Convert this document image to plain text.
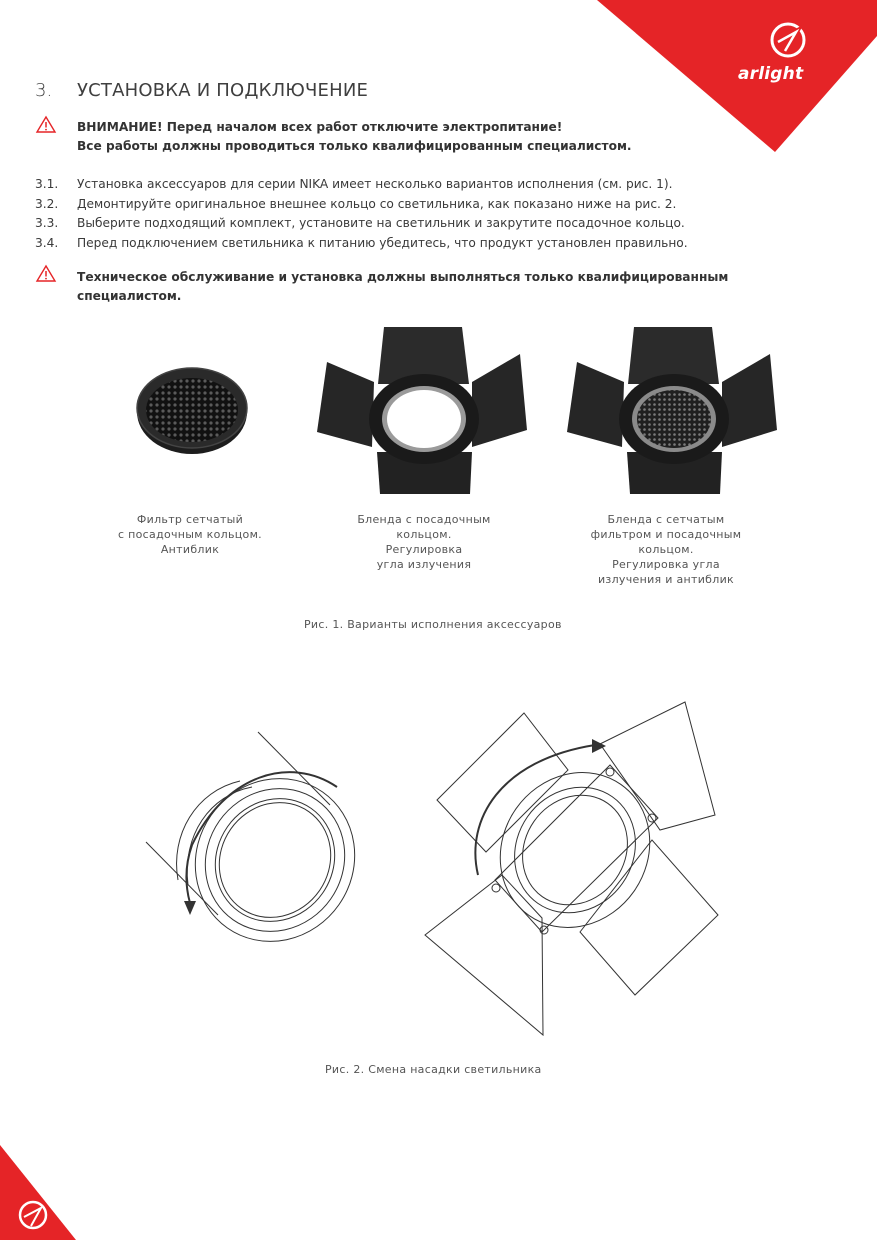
arlight
3. УСТАНОВКА И ПОДКЛЮЧЕНИЕ
ВНИМАНИЕ! Перед началом всех работ отключите электропитание!
Все работы должны проводиться только квалифицированным специалистом.
3.1.	Установка аксессуаров для серии NIKA имеет несколько вариантов исполнения (см. рис. 1).
3.2.	Демонтируйте оригинальное внешнее кольцо со светильника, как показано ниже на рис. 2.
3.3.	Выберите подходящий комплект, установите на светильник и закрутите посадочное кольцо.
3.4.	Перед подключением светильника к питанию убедитесь, что продукт установлен правильно.
Техническое обслуживание и установка должны выполняться только квалифицированным
специалистом.
Фильтр сетчатый
с посадочным кольцом.
Антиблик
Бленда с посадочным
кольцом.
Регулировка
угла излучения
Бленда с сетчатым
фильтром и посадочным
кольцом.
Регулировка угла
излучения и антиблик
Рис. 1. Варианты исполнения аксессуаров
Рис. 2. Смена насадки светильника
